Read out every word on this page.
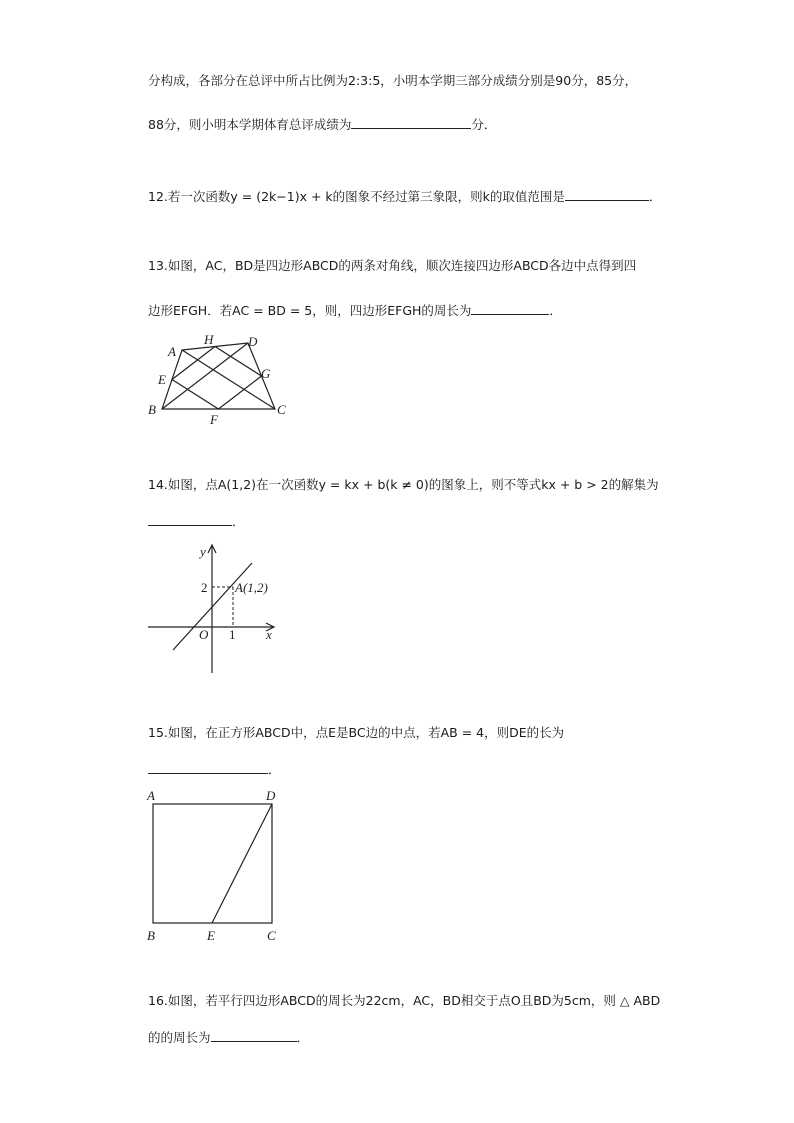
分构成，各部分在总评中所占比例为2:3:5，小明本学期三部分成绩分别是90分，85分，
88分，则小明本学期体育总评成绩为	分．
12.若一次函数y = (2k−1)x + k的图象不经过第三象限，则k的取值范围是	．
13.如图，AC，BD是四边形ABCD的两条对角线，顺次连接四边形ABCD各边中点得到四
边形EFGH．若AC = BD = 5，则，四边形EFGH的周长为	．
A
H	D
E	G
B
F
C
14.如图，点A(1,2)在一次函数y = kx + b(k ≠ 0)的图象上，则不等式kx + b > 2的解集为
．
y
x
O
2
1
A(1,2)
15.如图，在正方形ABCD中，点E是BC边的中点，若AB = 4，则DE的长为
．
A	D
B	E	C
16.如图，若平行四边形ABCD的周长为22cm，AC，BD相交于点O且BD为5cm，则 △ ABD
的的周长为	．
